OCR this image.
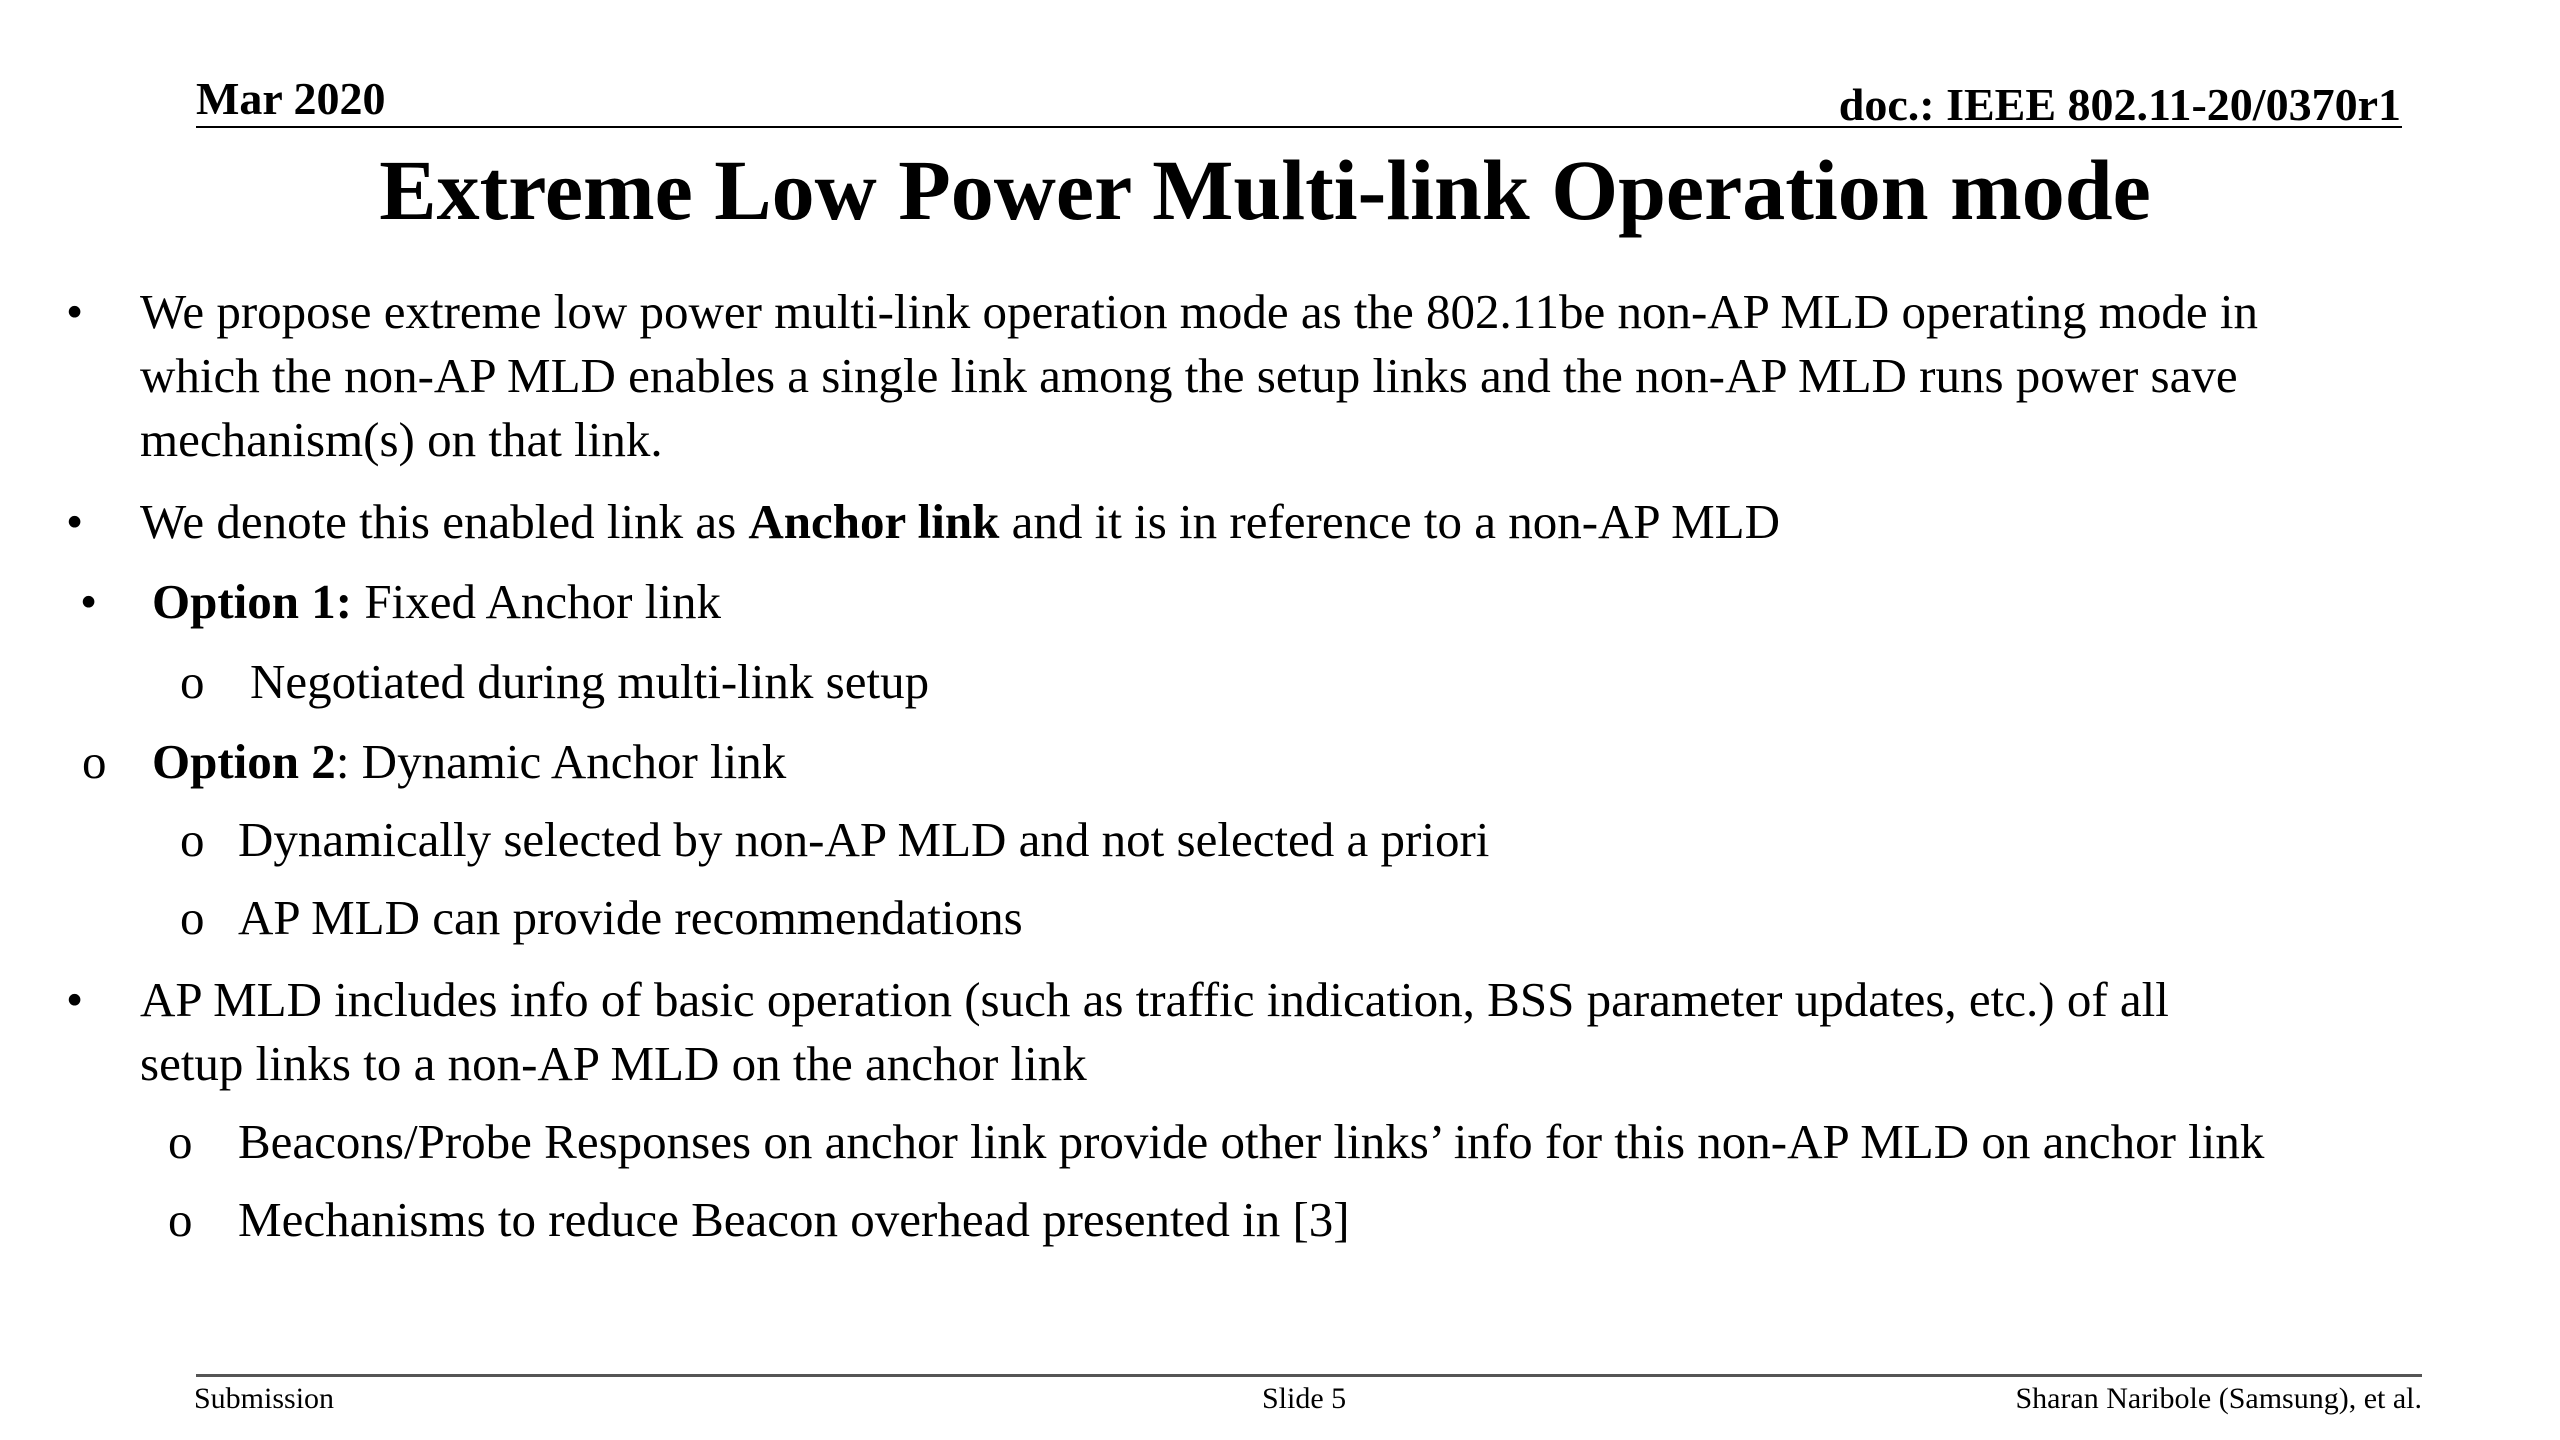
Mar 2020	doc.: IEEE 802.11-20/0370r1
Extreme Low Power Multi-link Operation mode
• We propose extreme low power multi-link operation mode as the 802.11be non-AP MLD operating mode in
which the non-AP MLD enables a single link among the setup links and the non-AP MLD runs power save
mechanism(s) on that link.
• We denote this enabled link as Anchor link and it is in reference to a non-AP MLD
• Option 1: Fixed Anchor link
o Negotiated during multi-link setup
o Option 2: Dynamic Anchor link
o Dynamically selected by non-AP MLD and not selected a priori
o AP MLD can provide recommendations
• AP MLD includes info of basic operation (such as traffic indication, BSS parameter updates, etc.) of all
setup links to a non-AP MLD on the anchor link
o Beacons/Probe Responses on anchor link provide other links’ info for this non-AP MLD on anchor link
o Mechanisms to reduce Beacon overhead presented in [3]
Submission	Slide 5	Sharan Naribole (Samsung), et al.
